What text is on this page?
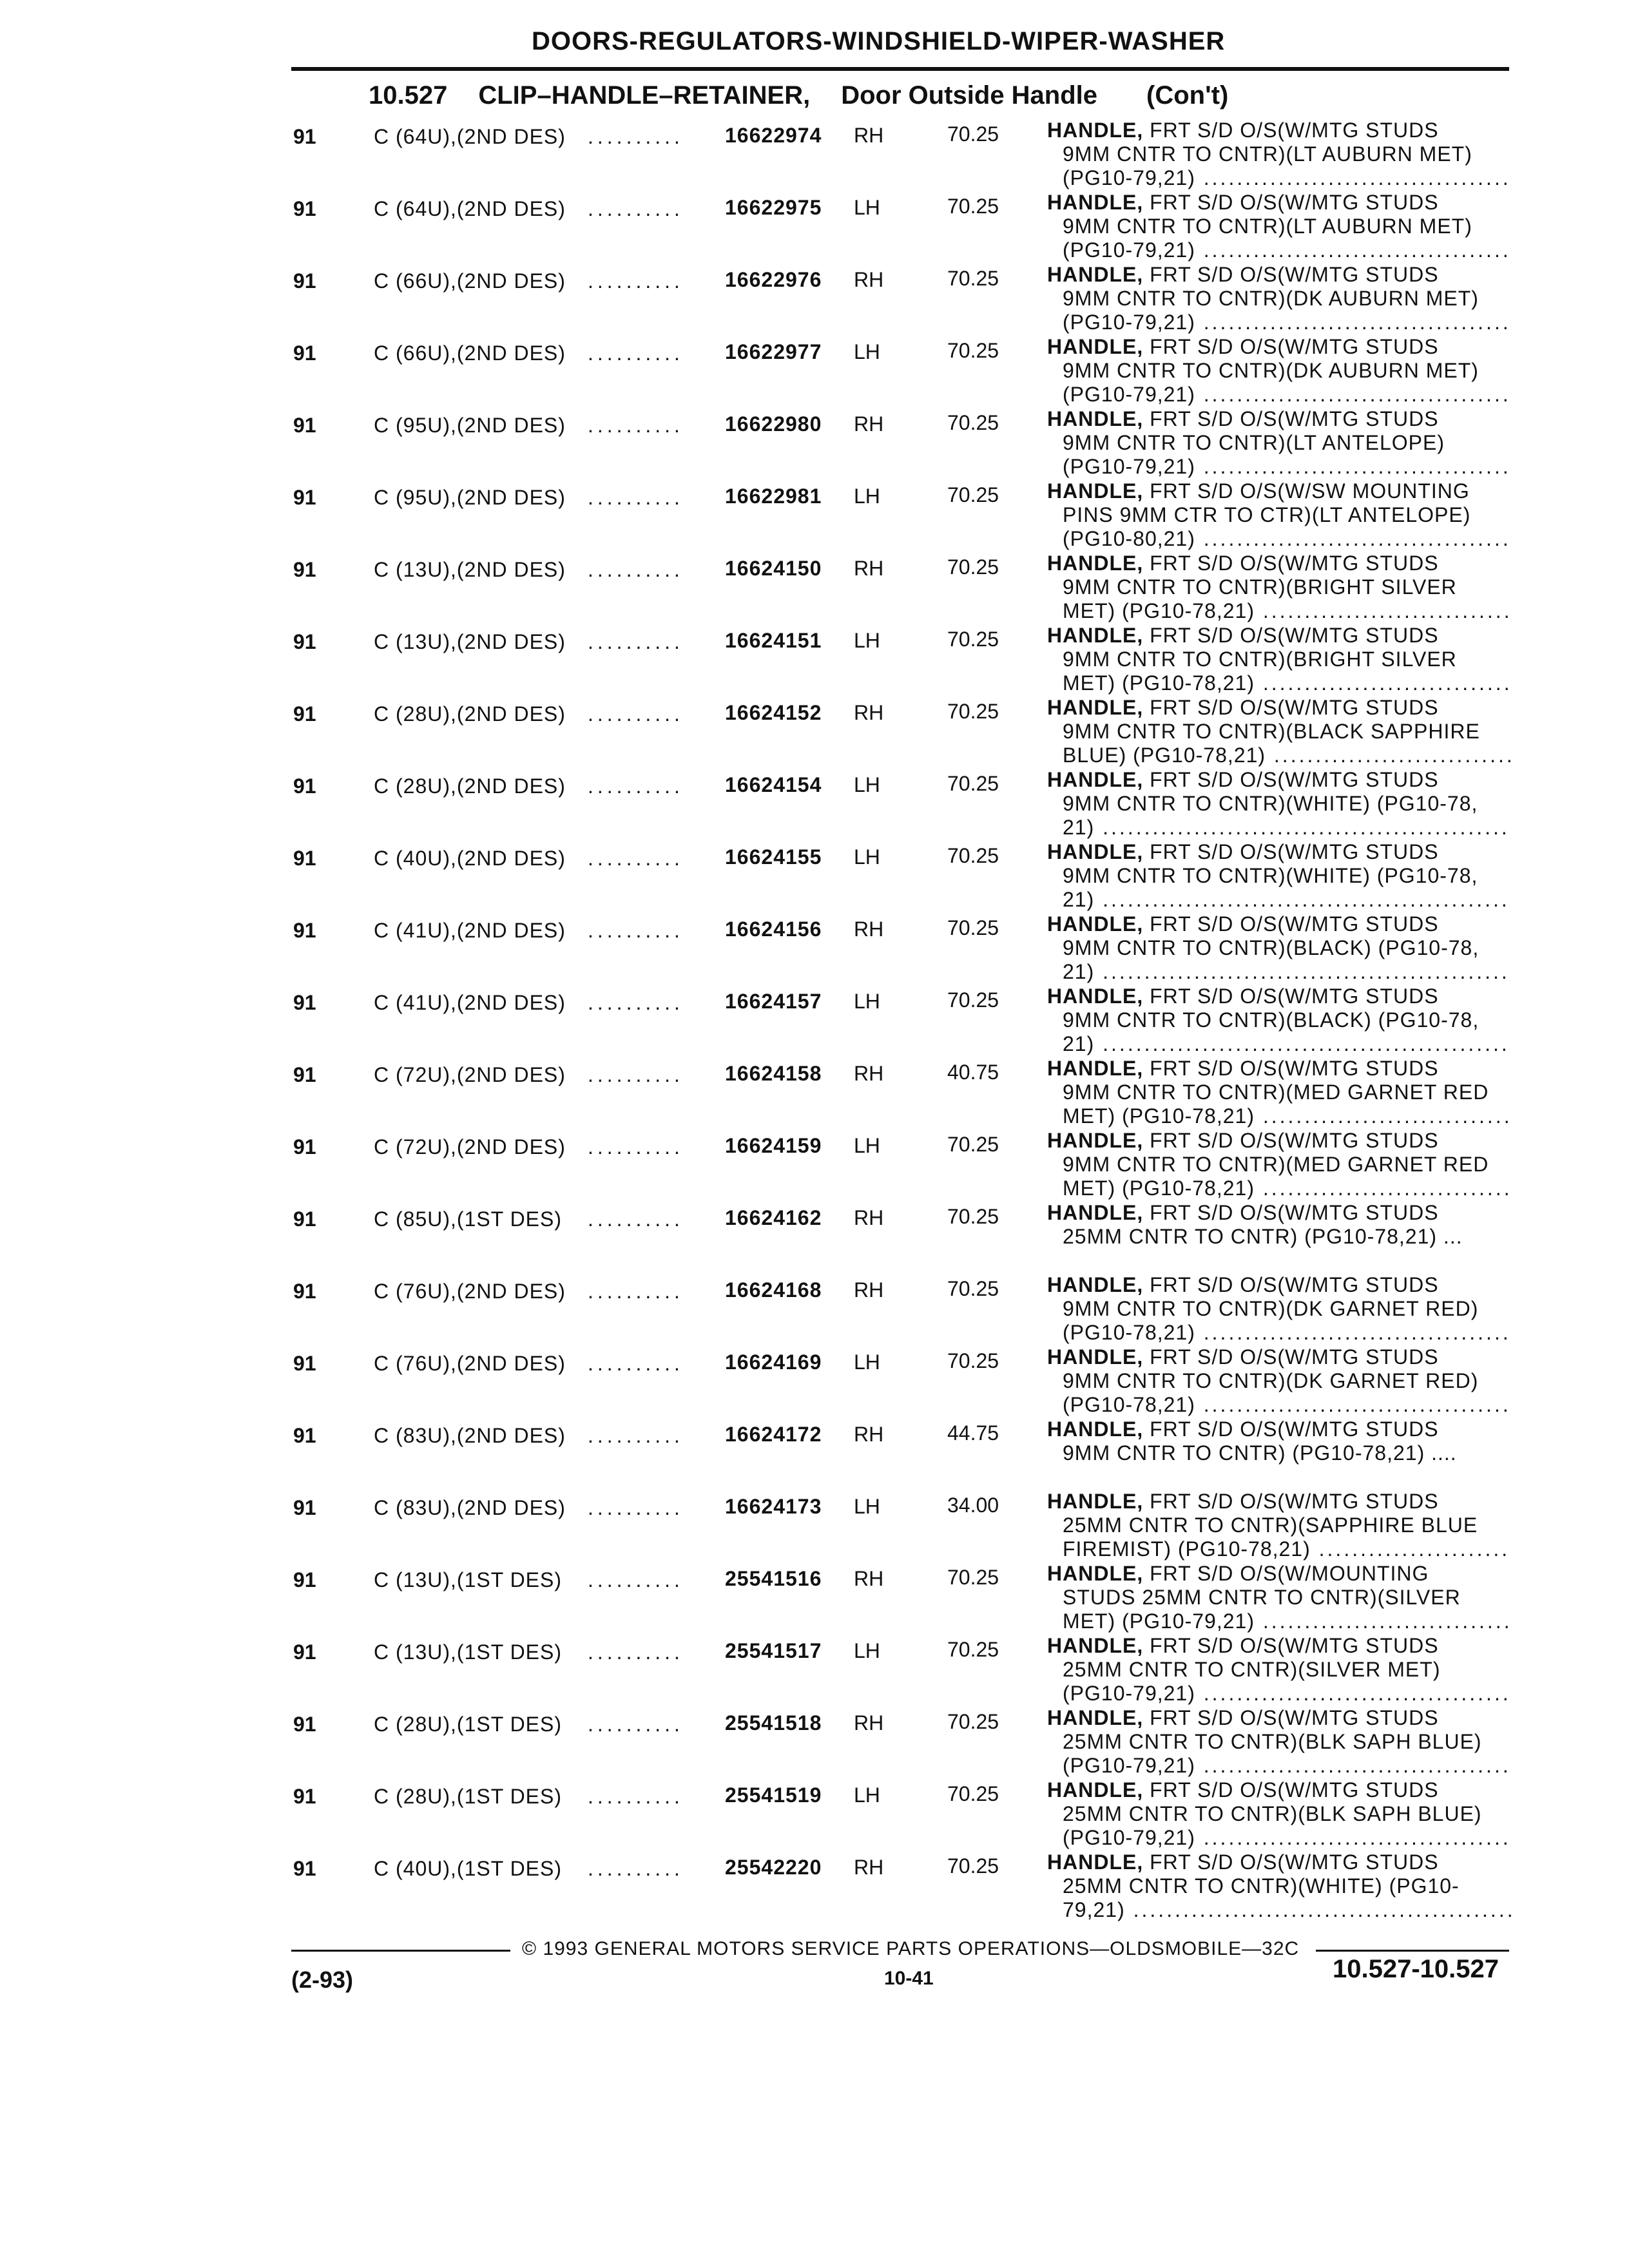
DOORS-REGULATORS-WINDSHIELD-WIPER-WASHER
10.527 CLIP–HANDLE–RETAINER, Door Outside Handle (Con't)
91	C (64U),(2ND DES) .......... 16622974 RH	70.25 HANDLE, FRT S/D O/S(W/MTG STUDS
9MM CNTR TO CNTR)(LT AUBURN MET)
(PG10-79,21) .....
91	C (64U),(2ND DES) .......... 16622975 LH	70.25 HANDLE, FRT S/D O/S(W/MTG STUDS
9MM CNTR TO CNTR)(LT AUBURN MET)
(PG10-79,21) .....
91	C (66U),(2ND DES) .......... 16622976 RH	70.25 HANDLE, FRT S/D O/S(W/MTG STUDS
9MM CNTR TO CNTR)(DK AUBURN MET)
(PG10-79,21) .....
91	C (66U),(2ND DES) .......... 16622977 LH	70.25 HANDLE, FRT S/D O/S(W/MTG STUDS
9MM CNTR TO CNTR)(DK AUBURN MET)
(PG10-79,21) .....
91	C (95U),(2ND DES) .......... 16622980 RH	70.25 HANDLE, FRT S/D O/S(W/MTG STUDS
9MM CNTR TO CNTR)(LT ANTELOPE)
(PG10-79,21) .....
91	C (95U),(2ND DES) .......... 16622981 LH	70.25 HANDLE, FRT S/D O/S(W/SW MOUNTING
PINS 9MM CTR TO CTR)(LT ANTELOPE)
(PG10-80,21) .....
91	C (13U),(2ND DES) .......... 16624150 RH	70.25 HANDLE, FRT S/D O/S(W/MTG STUDS
9MM CNTR TO CNTR)(BRIGHT SILVER
MET) (PG10-78,21) .....
91	C (13U),(2ND DES) .......... 16624151 LH	70.25 HANDLE, FRT S/D O/S(W/MTG STUDS
9MM CNTR TO CNTR)(BRIGHT SILVER
MET) (PG10-78,21) .....
91	C (28U),(2ND DES) .......... 16624152 RH	70.25 HANDLE, FRT S/D O/S(W/MTG STUDS
9MM CNTR TO CNTR)(BLACK SAPPHIRE
BLUE) (PG10-78,21) .....
91	C (28U),(2ND DES) .......... 16624154 LH	70.25 HANDLE, FRT S/D O/S(W/MTG STUDS
9MM CNTR TO CNTR)(WHITE) (PG10-78,
21) .....
91	C (40U),(2ND DES) .......... 16624155 LH	70.25 HANDLE, FRT S/D O/S(W/MTG STUDS
9MM CNTR TO CNTR)(WHITE) (PG10-78,
21) .....
91	C (41U),(2ND DES) .......... 16624156 RH	70.25 HANDLE, FRT S/D O/S(W/MTG STUDS
9MM CNTR TO CNTR)(BLACK) (PG10-78,
21) .....
91	C (41U),(2ND DES) .......... 16624157 LH	70.25 HANDLE, FRT S/D O/S(W/MTG STUDS
9MM CNTR TO CNTR)(BLACK) (PG10-78,
21) .....
91	C (72U),(2ND DES) .......... 16624158 RH	40.75 HANDLE, FRT S/D O/S(W/MTG STUDS
9MM CNTR TO CNTR)(MED GARNET RED
MET) (PG10-78,21) .....
91	C (72U),(2ND DES) .......... 16624159 LH	70.25 HANDLE, FRT S/D O/S(W/MTG STUDS
9MM CNTR TO CNTR)(MED GARNET RED
MET) (PG10-78,21) .....
91	C (85U),(1ST DES) .......... 16624162 RH	70.25 HANDLE, FRT S/D O/S(W/MTG STUDS
25MM CNTR TO CNTR) (PG10-78,21) ...
91	C (76U),(2ND DES) .......... 16624168 RH	70.25 HANDLE, FRT S/D O/S(W/MTG STUDS
9MM CNTR TO CNTR)(DK GARNET RED)
(PG10-78,21) .....
91	C (76U),(2ND DES) .......... 16624169 LH	70.25 HANDLE, FRT S/D O/S(W/MTG STUDS
9MM CNTR TO CNTR)(DK GARNET RED)
(PG10-78,21) .....
91	C (83U),(2ND DES) .......... 16624172 RH	44.75 HANDLE, FRT S/D O/S(W/MTG STUDS
9MM CNTR TO CNTR) (PG10-78,21) ....
91	C (83U),(2ND DES) .......... 16624173 LH	34.00 HANDLE, FRT S/D O/S(W/MTG STUDS
25MM CNTR TO CNTR)(SAPPHIRE BLUE
FIREMIST) (PG10-78,21) .....
91	C (13U),(1ST DES) .......... 25541516 RH	70.25 HANDLE, FRT S/D O/S(W/MOUNTING
STUDS 25MM CNTR TO CNTR)(SILVER
MET) (PG10-79,21) .....
91	C (13U),(1ST DES) .......... 25541517 LH	70.25 HANDLE, FRT S/D O/S(W/MTG STUDS
25MM CNTR TO CNTR)(SILVER MET)
(PG10-79,21) .....
91	C (28U),(1ST DES) .......... 25541518 RH	70.25 HANDLE, FRT S/D O/S(W/MTG STUDS
25MM CNTR TO CNTR)(BLK SAPH BLUE)
(PG10-79,21) .....
91	C (28U),(1ST DES) .......... 25541519 LH	70.25 HANDLE, FRT S/D O/S(W/MTG STUDS
25MM CNTR TO CNTR)(BLK SAPH BLUE)
(PG10-79,21) .....
91	C (40U),(1ST DES) .......... 25542220 RH	70.25 HANDLE, FRT S/D O/S(W/MTG STUDS
25MM CNTR TO CNTR)(WHITE) (PG10-
79,21) .....
© 1993 GENERAL MOTORS SERVICE PARTS OPERATIONS—OLDSMOBILE—32C
(2-93)	10-41	10.527-10.527
